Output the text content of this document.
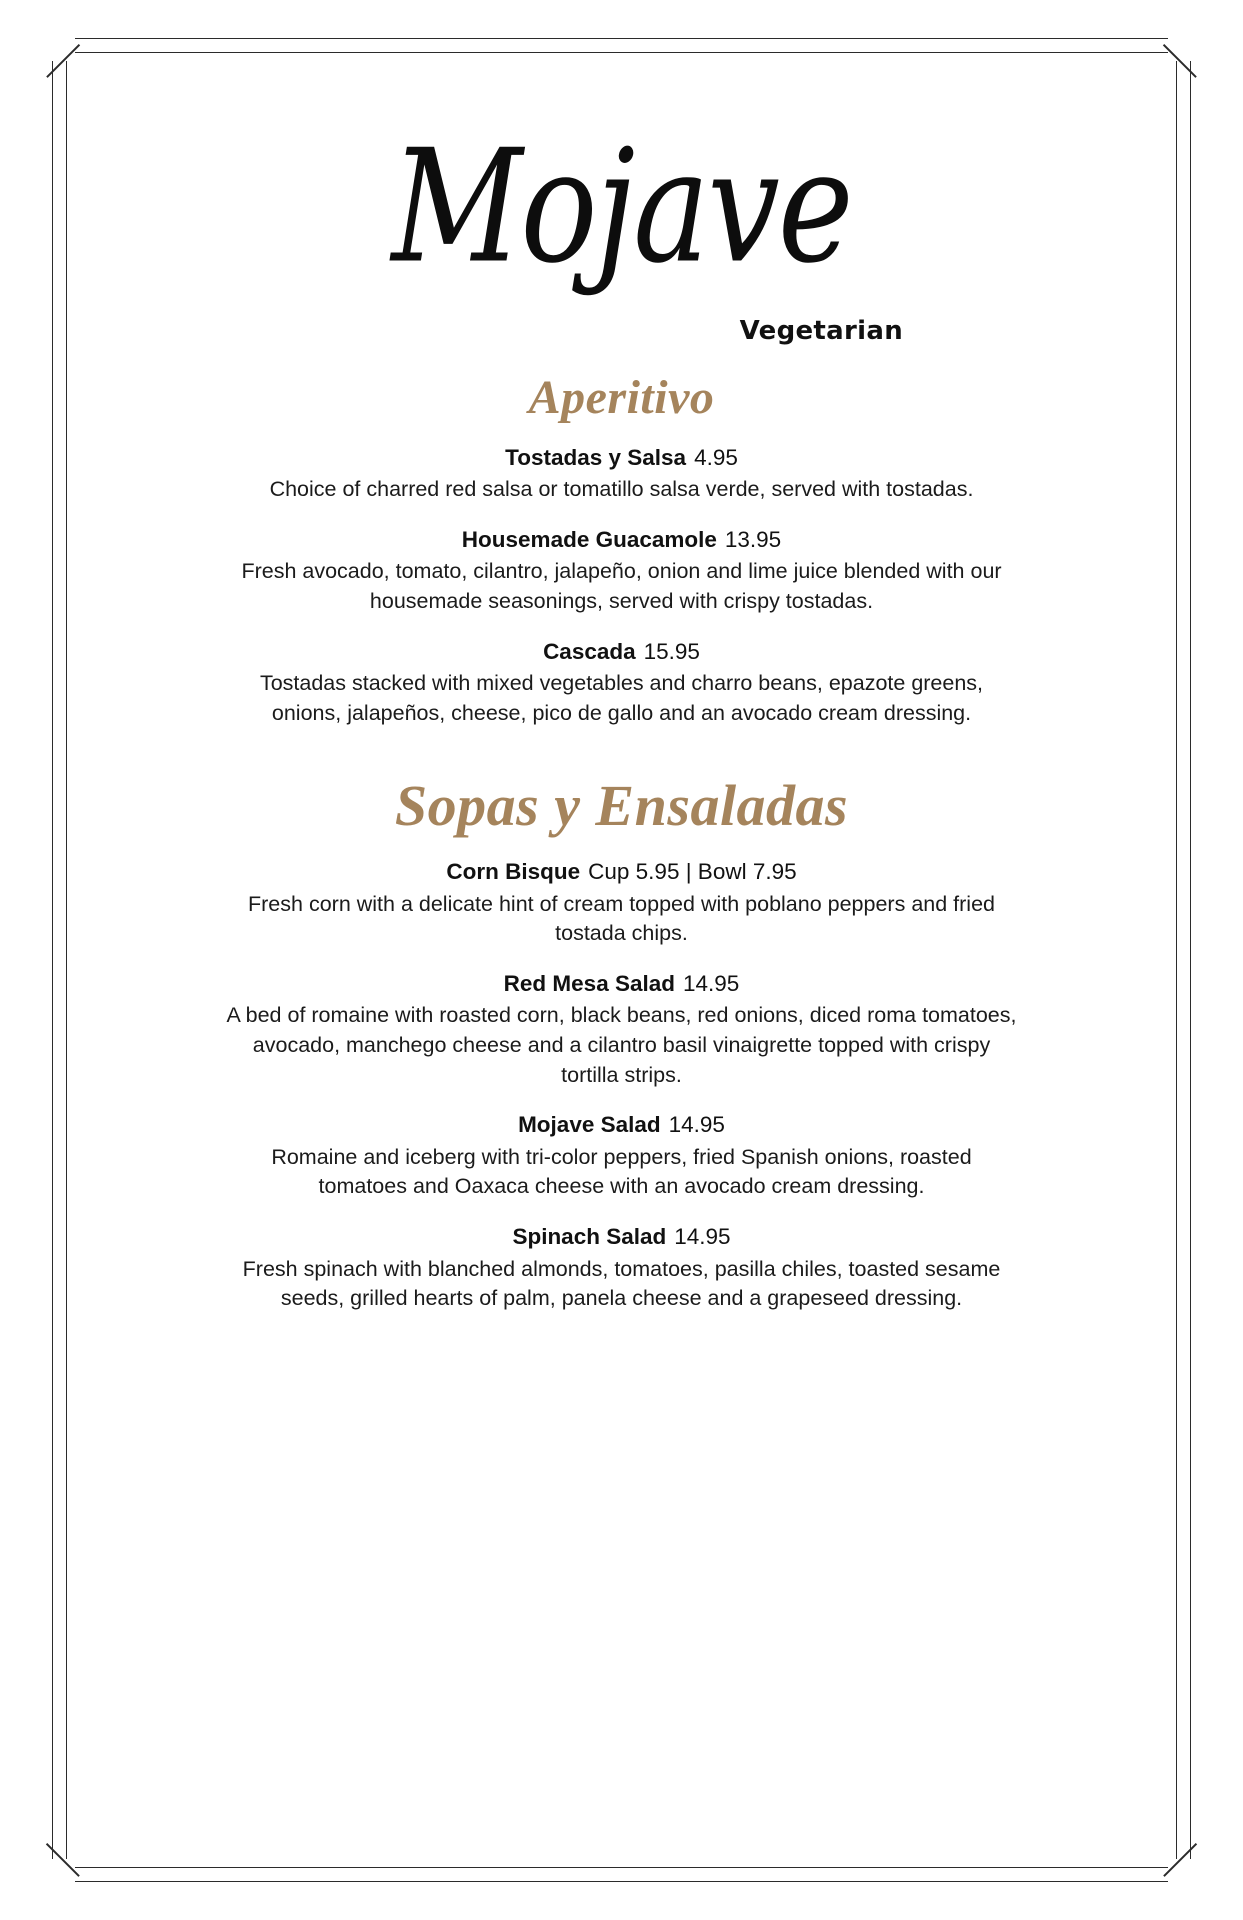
Mojave
Vegetarian
Aperitivo
Tostadas y Salsa 4.95
Choice of charred red salsa or tomatillo salsa verde, served with tostadas.
Housemade Guacamole 13.95
Fresh avocado, tomato, cilantro, jalapeño, onion and lime juice blended with our housemade seasonings, served with crispy tostadas.
Cascada 15.95
Tostadas stacked with mixed vegetables and charro beans, epazote greens, onions, jalapeños, cheese, pico de gallo and an avocado cream dressing.
Sopas y Ensaladas
Corn Bisque Cup 5.95 | Bowl 7.95
Fresh corn with a delicate hint of cream topped with poblano peppers and fried tostada chips.
Red Mesa Salad 14.95
A bed of romaine with roasted corn, black beans, red onions, diced roma tomatoes, avocado, manchego cheese and a cilantro basil vinaigrette topped with crispy tortilla strips.
Mojave Salad 14.95
Romaine and iceberg with tri-color peppers, fried Spanish onions, roasted tomatoes and Oaxaca cheese with an avocado cream dressing.
Spinach Salad 14.95
Fresh spinach with blanched almonds, tomatoes, pasilla chiles, toasted sesame seeds, grilled hearts of palm, panela cheese and a grapeseed dressing.
